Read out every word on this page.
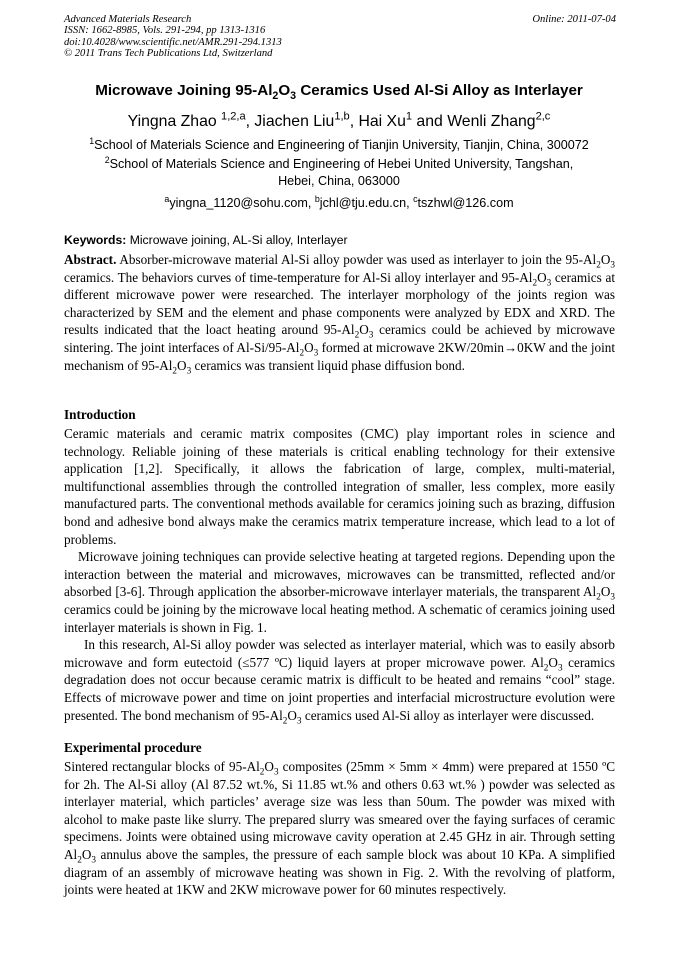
Advanced Materials Research
ISSN: 1662-8985, Vols. 291-294, pp 1313-1316
doi:10.4028/www.scientific.net/AMR.291-294.1313
© 2011 Trans Tech Publications Ltd, Switzerland
Online: 2011-07-04
Microwave Joining $95-Al_2O_3$ Ceramics Used Al-Si Alloy as Interlayer
Yingna Zhao $^{1,2,a}$, Jiachen Liu$^{1,b}$, Hai Xu$^1$ and Wenli Zhang$^{2,c}$
$^1$School of Materials Science and Engineering of Tianjin University, Tianjin, China, 300072
$^2$School of Materials Science and Engineering of Hebei United University, Tangshan, Hebei, China, 063000
$^a$yingna_1120@sohu.com, $^b$jchl@tju.edu.cn, $^c$tszhwl@126.com
Keywords: Microwave joining, AL-Si alloy, Interlayer
Abstract. Absorber-microwave material Al-Si alloy powder was used as interlayer to join the $95-Al_2O_3$ ceramics. The behaviors curves of time-temperature for Al-Si alloy interlayer and $95-Al_2O_3$ ceramics at different microwave power were researched. The interlayer morphology of the joints region was characterized by SEM and the element and phase components were analyzed by EDX and XRD. The results indicated that the loact heating around $95-Al_2O_3$ ceramics could be achieved by microwave sintering. The joint interfaces of $Al-Si/95-Al_2O_3$ formed at microwave 2KW/20min→0KW and the joint mechanism of $95-Al_2O_3$ ceramics was transient liquid phase diffusion bond.
Introduction

Ceramic materials and ceramic matrix composites (CMC) play important roles in science and technology. Reliable joining of these materials is critical enabling technology for their extensive application [1,2]. Specifically, it allows the fabrication of large, complex, multi-material, multifunctional assemblies through the controlled integration of smaller, less complex, more easily manufactured parts. The conventional methods available for ceramics joining such as brazing, diffusion bond and adhesive bond always make the ceramics matrix temperature increase, which lead to a lot of problems.

Microwave joining techniques can provide selective heating at targeted regions. Depending upon the interaction between the material and microwaves, microwaves can be transmitted, reflected and/or absorbed [3-6]. Through application the absorber-microwave interlayer materials, the transparent $Al_2O_3$ ceramics could be joining by the microwave local heating method. A schematic of ceramics joining used interlayer materials is shown in Fig. 1.

In this research, Al-Si alloy powder was selected as interlayer material, which was to easily absorb microwave and form eutectoid (≤577 ºC) liquid layers at proper microwave power. $Al_2O_3$ ceramics degradation does not occur because ceramic matrix is difficult to be heated and remains “cool” stage. Effects of microwave power and time on joint properties and interfacial microstructure evolution were presented. The bond mechanism of $95-Al_2O_3$ ceramics used Al-Si alloy as interlayer were discussed.

Experimental procedure

Sintered rectangular blocks of $95-Al_2O_3$ composites (25mm × 5mm × 4mm) were prepared at 1550 ºC for 2h. The Al-Si alloy (Al 87.52 wt.%, Si 11.85 wt.% and others 0.63 wt.% ) powder was selected as interlayer material, which particles’ average size was less than 50um. The powder was mixed with alcohol to make paste like slurry. The prepared slurry was smeared over the faying surfaces of ceramic specimens. Joints were obtained using microwave cavity operation at 2.45 GHz in air. Through setting $Al_2O_3$ annulus above the samples, the pressure of each sample block was about 10 KPa. A simplified diagram of an assembly of microwave heating was shown in Fig. 2. With the revolving of platform, joints were heated at 1KW and 2KW microwave power for 60 minutes respectively.
